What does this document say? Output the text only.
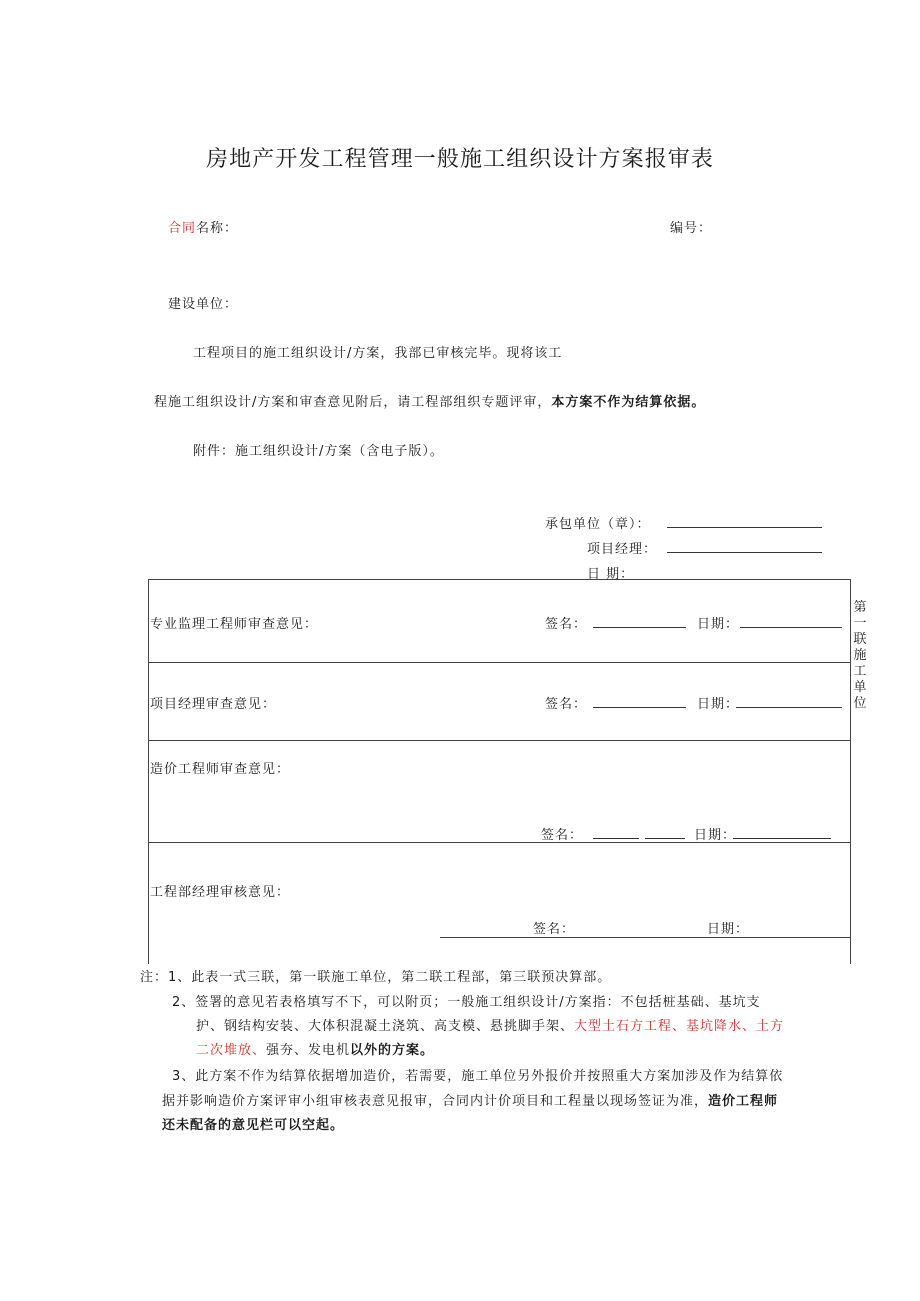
房地产开发工程管理一般施工组织设计方案报审表
合同名称：	编号：
建设单位：
工程项目的施工组织设计/方案，我部已审核完毕。现将该工
程施工组织设计/方案和审查意见附后，请工程部组织专题评审，本方案不作为结算依据。
附件：施工组织设计/方案（含电子版）。
承包单位（章）：
项目经理：
日 期：
第一联施工单位
专业监理工程师审查意见：	签名：	日期：
项目经理审查意见：	签名：	日期：
造价工程师审查意见：
签名：	日期：
工程部经理审核意见：
签名：	日期：
注：1、此表一式三联，第一联施工单位，第二联工程部，第三联预决算部。
2、签署的意见若表格填写不下，可以附页；一般施工组织设计/方案指：不包括桩基础、基坑支
护、钢结构安装、大体积混凝土浇筑、高支模、悬挑脚手架、大型土石方工程、基坑降水、土方
二次堆放、强夯、发电机以外的方案。
3、此方案不作为结算依据增加造价，若需要，施工单位另外报价并按照重大方案加涉及作为结算依
据并影响造价方案评审小组审核表意见报审，合同内计价项目和工程量以现场签证为准，造价工程师
还未配备的意见栏可以空起。
